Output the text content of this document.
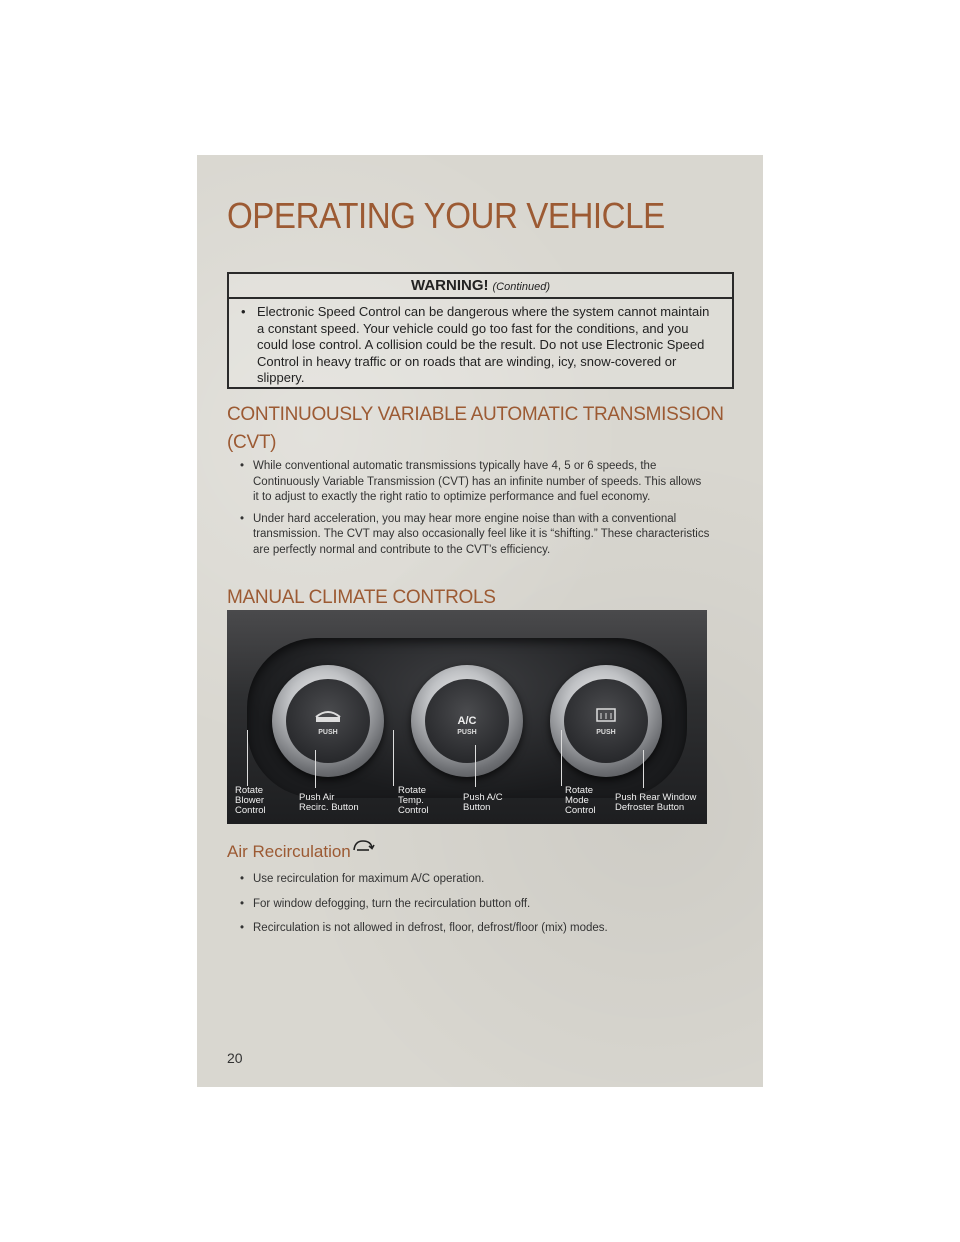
OPERATING YOUR VEHICLE
WARNING! (Continued)
• Electronic Speed Control can be dangerous where the system cannot maintain a constant speed. Your vehicle could go too fast for the conditions, and you could lose control. A collision could be the result. Do not use Electronic Speed Control in heavy traffic or on roads that are winding, icy, snow-covered or slippery.
CONTINUOUSLY VARIABLE AUTOMATIC TRANSMISSION
(CVT)
• While conventional automatic transmissions typically have 4, 5 or 6 speeds, the Continuously Variable Transmission (CVT) has an infinite number of speeds. This allows it to adjust to exactly the right ratio to optimize performance and fuel economy.
• Under hard acceleration, you may hear more engine noise than with a conventional transmission. The CVT may also occasionally feel like it is “shifting.” These characteristics are perfectly normal and contribute to the CVT’s efficiency.
MANUAL CLIMATE CONTROLS
PUSH
A/C
PUSH	PUSH
Rotate
Blower
Control
Push Air
Recirc. Button
Rotate
Temp.
Control
Push A/C
Button
Rotate
Mode
Control
Push Rear Window
Defroster Button
Air Recirculation
• Use recirculation for maximum A/C operation.
• For window defogging, turn the recirculation button off.
• Recirculation is not allowed in defrost, floor, defrost/floor (mix) modes.
20
